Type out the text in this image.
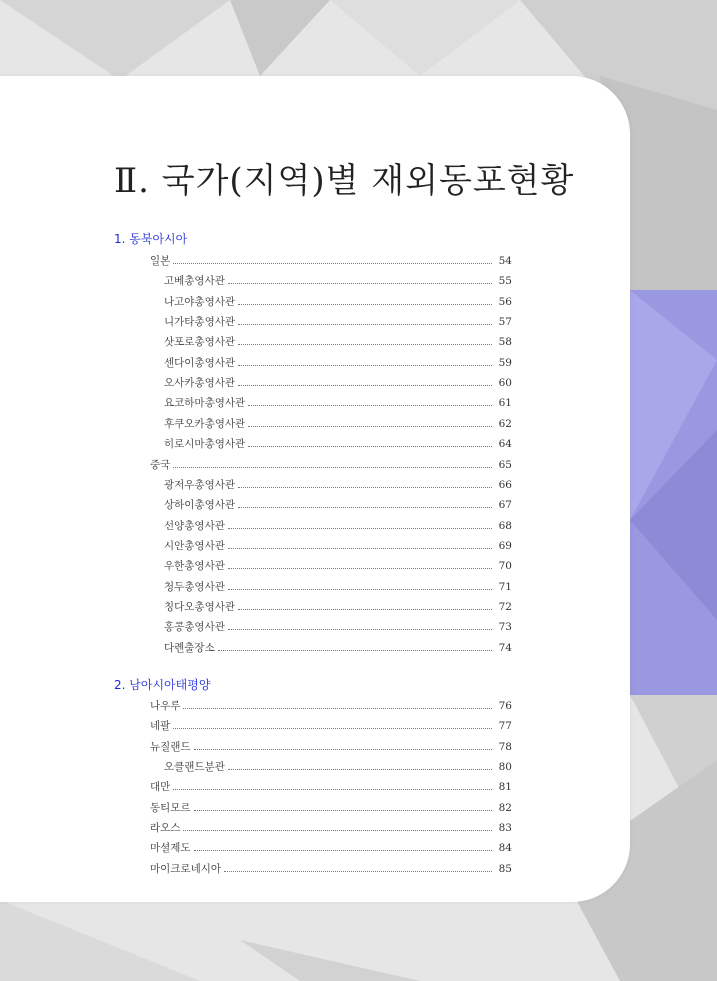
Ⅱ. 국가(지역)별 재외동포현황
1. 동북아시아
일본	54
고베총영사관	55
나고야총영사관	56
니가타총영사관	57
삿포로총영사관	58
센다이총영사관	59
오사카총영사관	60
요코하마총영사관	61
후쿠오카총영사관	62
히로시마총영사관	64
중국	65
광저우총영사관	66
상하이총영사관	67
선양총영사관	68
시안총영사관	69
우한총영사관	70
청두총영사관	71
칭다오총영사관	72
홍콩총영사관	73
다롄출장소	74
2. 남아시아태평양
나우루	76
네팔	77
뉴질랜드	78
오클랜드분관	80
대만	81
동티모르	82
라오스	83
마셜제도	84
마이크로네시아	85
